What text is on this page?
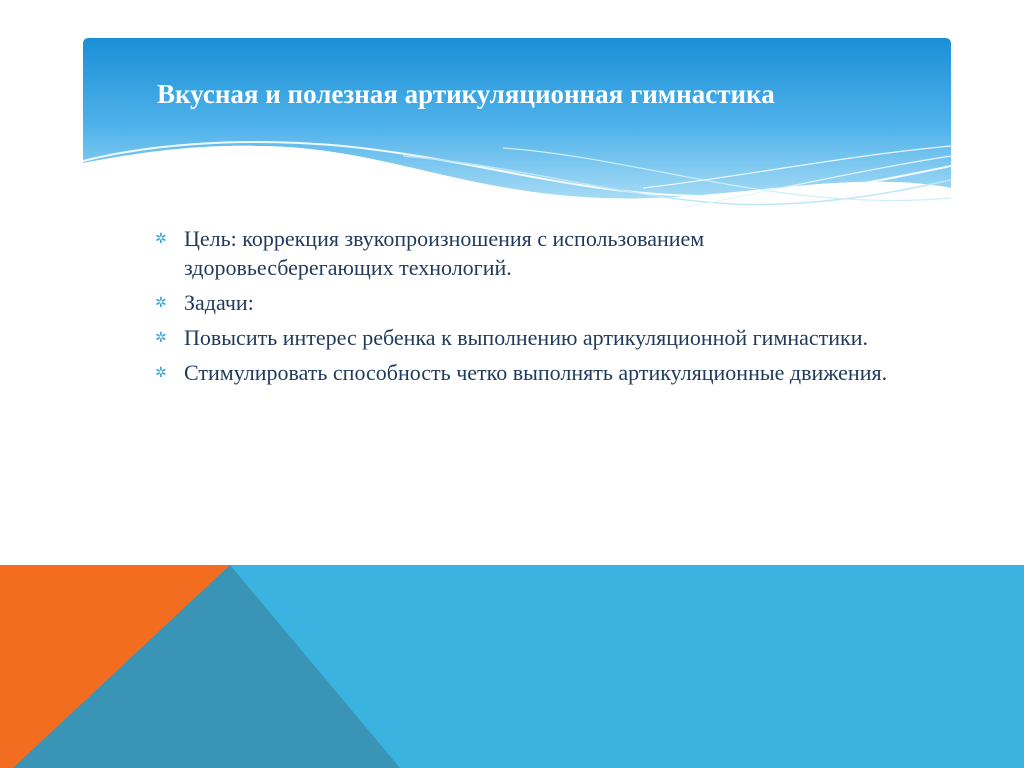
Вкусная и полезная артикуляционная гимнастика
✲ Цель: коррекция звукопроизношения с использованием здоровьесберегающих технологий.
✲ Задачи:
✲ Повысить интерес ребенка к выполнению артикуляционной гимнастики.
✲ Стимулировать способность четко выполнять артикуляционные движения.
